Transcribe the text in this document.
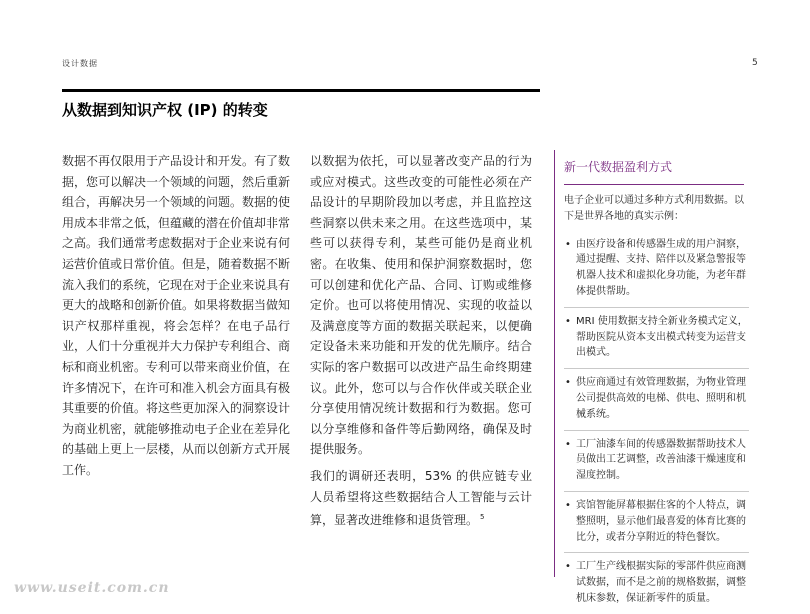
设计数据	5
从数据到知识产权 (IP) 的转变

数据不再仅限用于产品设计和开发。有了数据，您可以解决一个领域的问题，然后重新组合，再解决另一个领域的问题。数据的使用成本非常之低，但蕴藏的潜在价值却非常之高。我们通常考虑数据对于企业来说有何运营价值或日常价值。但是，随着数据不断流入我们的系统，它现在对于企业来说具有更大的战略和创新价值。如果将数据当做知识产权那样重视，将会怎样？在电子品行业，人们十分重视并大力保护专利组合、商标和商业机密。专利可以带来商业价值，在许多情况下，在许可和准入机会方面具有极其重要的价值。将这些更加深入的洞察设计为商业机密，就能够推动电子企业在差异化的基础上更上一层楼，从而以创新方式开展工作。

以数据为依托，可以显著改变产品的行为或应对模式。这些改变的可能性必须在产品设计的早期阶段加以考虑，并且监控这些洞察以供未来之用。在这些选项中，某些可以获得专利，某些可能仍是商业机密。在收集、使用和保护洞察数据时，您可以创建和优化产品、合同、订购或维修定价。也可以将使用情况、实现的收益以及满意度等方面的数据关联起来，以便确定设备未来功能和开发的优先顺序。结合实际的客户数据可以改进产品生命终期建议。此外，您可以与合作伙伴或关联企业分享使用情况统计数据和行为数据。您可以分享维修和备件等后勤网络，确保及时提供服务。

我们的调研还表明，53% 的供应链专业人员希望将这些数据结合人工智能与云计算，显著改进维修和退货管理。 $^5$

新一代数据盈利方式
电子企业可以通过多种方式利用数据。以下是世界各地的真实示例：
• 由医疗设备和传感器生成的用户洞察，通过提醒、支持、陪伴以及紧急警报等机器人技术和虚拟化身功能，为老年群体提供帮助。
• MRI 使用数据支持全新业务模式定义，帮助医院从资本支出模式转变为运营支出模式。
• 供应商通过有效管理数据，为物业管理公司提供高效的电梯、供电、照明和机械系统。
• 工厂油漆车间的传感器数据帮助技术人员做出工艺调整，改善油漆干燥速度和湿度控制。
• 宾馆智能屏幕根据住客的个人特点，调整照明，显示他们最喜爱的体育比赛的比分，或者分享附近的特色餐饮。
• 工厂生产线根据实际的零部件供应商测试数据，而不是之前的规格数据，调整机床参数，保证新零件的质量。
www.useit.com.cn
